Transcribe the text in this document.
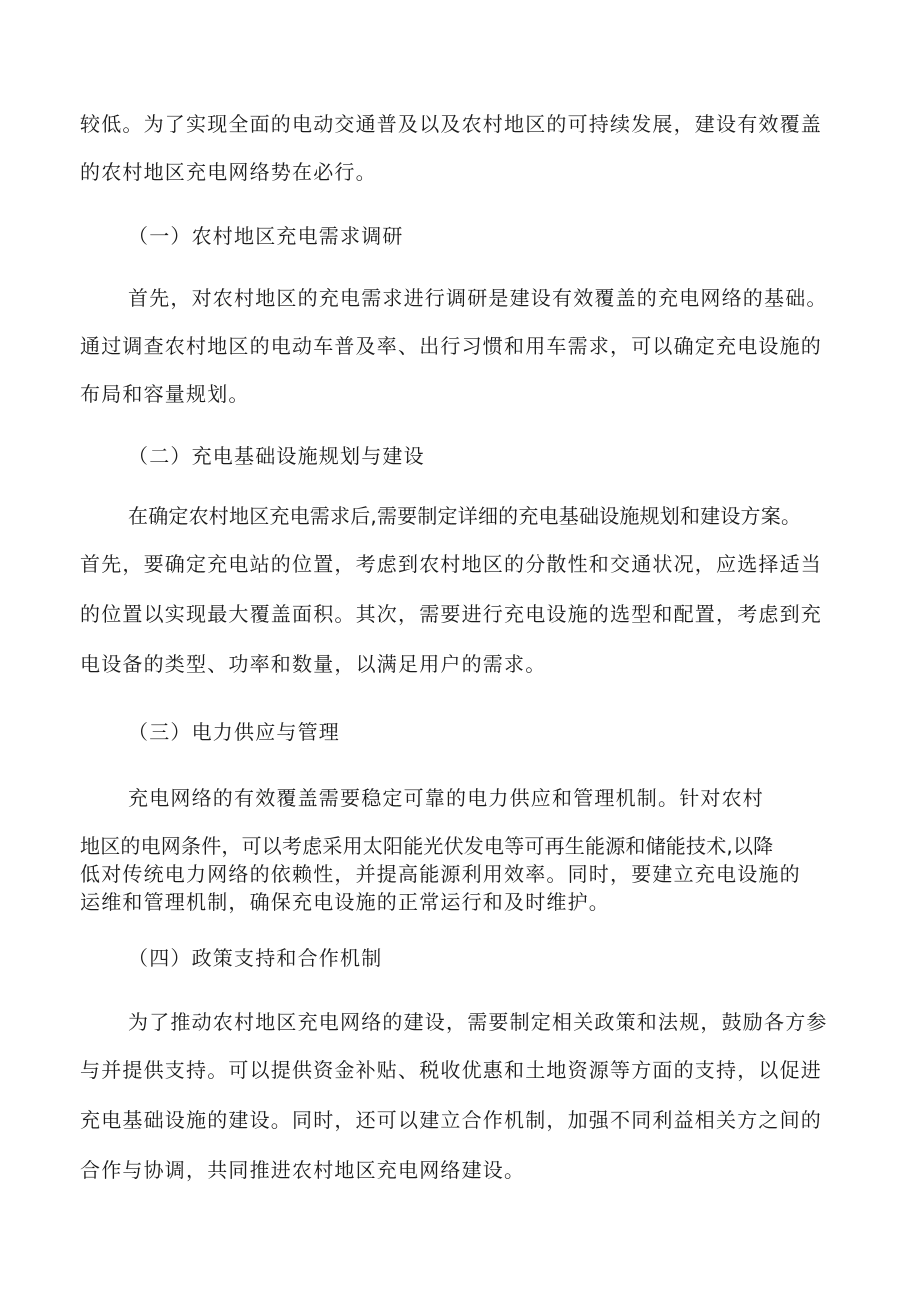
较低。为了实现全面的电动交通普及以及农村地区的可持续发展，建设有效覆盖
的农村地区充电网络势在必行。
（一）农村地区充电需求调研
首先，对农村地区的充电需求进行调研是建设有效覆盖的充电网络的基础。
通过调查农村地区的电动车普及率、出行习惯和用车需求，可以确定充电设施的
布局和容量规划。
（二）充电基础设施规划与建设
在确定农村地区充电需求后,需要制定详细的充电基础设施规划和建设方案。
首先，要确定充电站的位置，考虑到农村地区的分散性和交通状况，应选择适当
的位置以实现最大覆盖面积。其次，需要进行充电设施的选型和配置，考虑到充
电设备的类型、功率和数量，以满足用户的需求。
（三）电力供应与管理
充电网络的有效覆盖需要稳定可靠的电力供应和管理机制。针对农村
地区的电网条件，可以考虑采用太阳能光伏发电等可再生能源和储能技术,以降
低对传统电力网络的依赖性，并提高能源利用效率。同时，要建立充电设施的
运维和管理机制，确保充电设施的正常运行和及时维护。
（四）政策支持和合作机制
为了推动农村地区充电网络的建设，需要制定相关政策和法规，鼓励各方参
与并提供支持。可以提供资金补贴、税收优惠和土地资源等方面的支持，以促进
充电基础设施的建设。同时，还可以建立合作机制，加强不同利益相关方之间的
合作与协调，共同推进农村地区充电网络建设。
